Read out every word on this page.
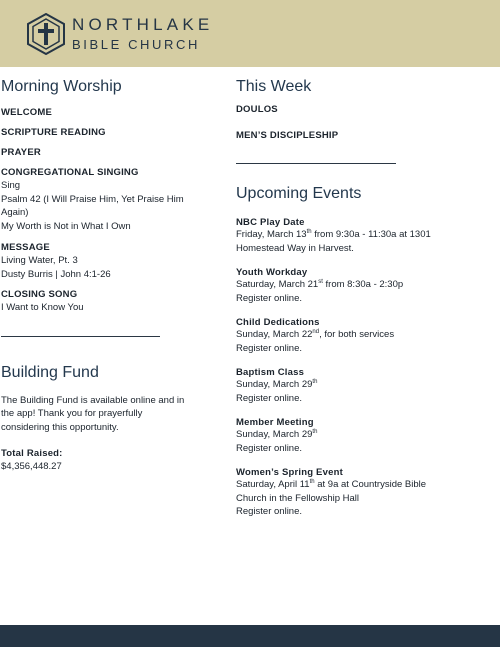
NORTHLAKE
BIBLE CHURCH
Morning Worship
WELCOME
SCRIPTURE READING
PRAYER
CONGREGATIONAL SINGING
Sing
Psalm 42 (I Will Praise Him, Yet Praise Him Again)
My Worth is Not in What I Own
MESSAGE
Living Water, Pt. 3
Dusty Burris | John 4:1-26
CLOSING SONG
I Want to Know You
Building Fund
The Building Fund is available online and in the app! Thank you for prayerfully considering this opportunity.
Total Raised:
$4,356,448.27
This Week
DOULOS
MEN’S DISCIPLESHIP
Upcoming Events
NBC Play Date
Friday, March 13th from 9:30a - 11:30a at 1301 Homestead Way in Harvest.
Youth Workday
Saturday, March 21st from 8:30a - 2:30p
Register online.
Child Dedications
Sunday, March 22nd, for both services
Register online.
Baptism Class
Sunday, March 29th
Register online.
Member Meeting
Sunday, March 29th
Register online.
Women’s Spring Event
Saturday, April 11th at 9a at Countryside Bible Church in the Fellowship Hall
Register online.
